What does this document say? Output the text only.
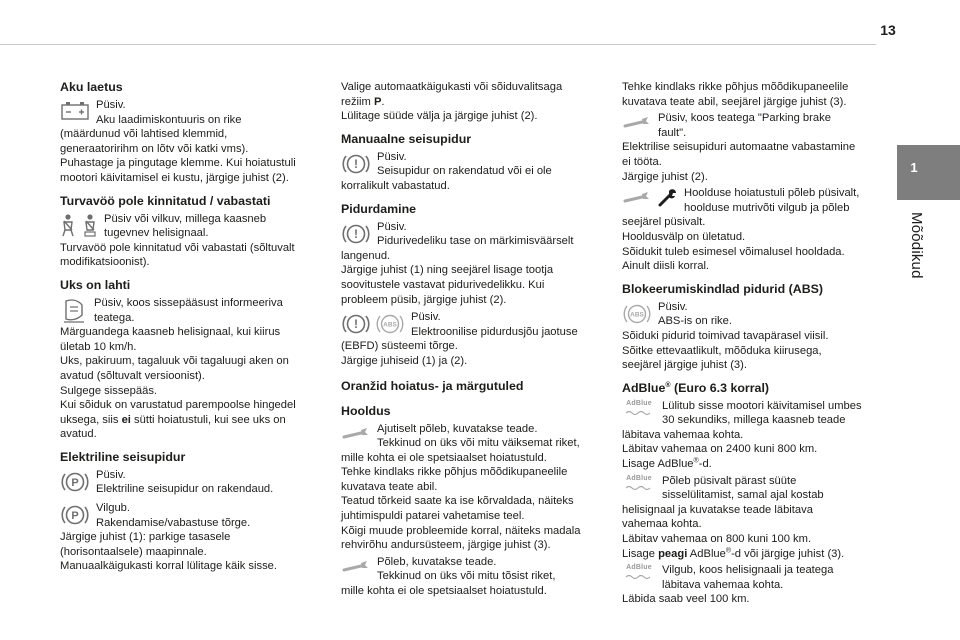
13
1
Mõõdikud
Aku laetus

Püsiv.

Aku laadimiskontuuris on rike (määrdunud või lahtised klemmid, generaatoririhm on lõtv või katki vms).

Puhastage ja pingutage klemme. Kui hoiatustuli mootori käivitamisel ei kustu, järgige juhist (2).

Turvavöö pole kinnitatud / vabastati

Püsiv või vilkuv, millega kaasneb tugevnev helisignaal.

Turvavöö pole kinnitatud või vabastati (sõltuvalt modifikatsioonist).

Uks on lahti

Püsiv, koos sissepääsust informeeriva teatega.

Märguandega kaasneb helisignaal, kui kiirus ületab 10 km/h.

Uks, pakiruum, tagaluuk või tagaluugi aken on avatud (sõltuvalt versioonist).

Sulgege sissepääs.

Kui sõiduk on varustatud parempoolse hingedel uksega, siis ei sütti hoiatustuli, kui see uks on avatud.

Elektriline seisupidur
P

Püsiv.

Elektriline seisupidur on rakendaud.

P

Vilgub.

Rakendamise/vabastuse tõrge.

Järgige juhist (1): parkige tasasele (horisontaalsele) maapinnale.

Manuaalkäigukasti korral lülitage käik sisse.

Valige automaatkäigukasti või sõiduvalitsaga režiim P.

Lülitage süüde välja ja järgige juhist (2).

Manuaalne seisupidur
!	Püsiv.

Seisupidur on rakendatud või ei ole korralikult vabastatud.

Pidurdamine
!	Püsiv.

Pidurivedeliku tase on märkimisväärselt langenud.

Järgige juhist (1) ning seejärel lisage tootja soovitustele vastavat pidurivedelikku. Kui probleem püsib, järgige juhist (2).

!	ABS

Püsiv.

Elektroonilise pidurdusjõu jaotuse (EBFD) süsteemi tõrge.

Järgige juhiseid (1) ja (2).

Oranžid hoiatus- ja märgutuled
Hooldus

Ajutiselt põleb, kuvatakse teade.

Tekkinud on üks või mitu väiksemat riket, mille kohta ei ole spetsiaalset hoiatustuld.

Tehke kindlaks rikke põhjus mõõdikupaneelile kuvatava teate abil.

Teatud tõrkeid saate ka ise kõrvaldada, näiteks juhtimispuldi patarei vahetamise teel.

Kõigi muude probleemide korral, näiteks madala rehvirõhu andursüsteem, järgige juhist (3).

Põleb, kuvatakse teade.

Tekkinud on üks või mitu tõsist riket, mille kohta ei ole spetsiaalset hoiatustuld.

Tehke kindlaks rikke põhjus mõõdikupaneelile kuvatava teate abil, seejärel järgige juhist (3).

Püsiv, koos teatega "Parking brake fault".

Elektrilise seisupiduri automaatne vabastamine ei tööta.

Järgige juhist (2).

Hoolduse hoiatustuli põleb püsivalt, hoolduse mutrivõti vilgub ja põleb seejärel püsivalt.

Hooldusvälp on ületatud.

Sõidukit tuleb esimesel võimalusel hooldada.

Ainult diisli korral.

Blokeerumiskindlad pidurid (ABS)
ABS

Püsiv.

ABS-is on rike.

Sõiduki pidurid toimivad tavapärasel viisil.

Sõitke ettevaatlikult, mõõduka kiirusega, seejärel järgige juhist (3).

AdBlue® (Euro 6.3 korral)
AdBlue Lülitub sisse mootori käivitamisel umbes 30 sekundiks, millega kaasneb teade läbitava vahemaa kohta.

Läbitav vahemaa on 2400 kuni 800 km.

Lisage AdBlue®-d.

AdBlue Põleb püsivalt pärast süüte sisselülitamist, samal ajal kostab helisignaal ja kuvatakse teade läbitava vahemaa kohta.

Läbitav vahemaa on 800 kuni 100 km.

Lisage peagi AdBlue®-d või järgige juhist (3).

AdBlue Vilgub, koos helisignaali ja teatega läbitava vahemaa kohta.

Läbida saab veel 100 km.
